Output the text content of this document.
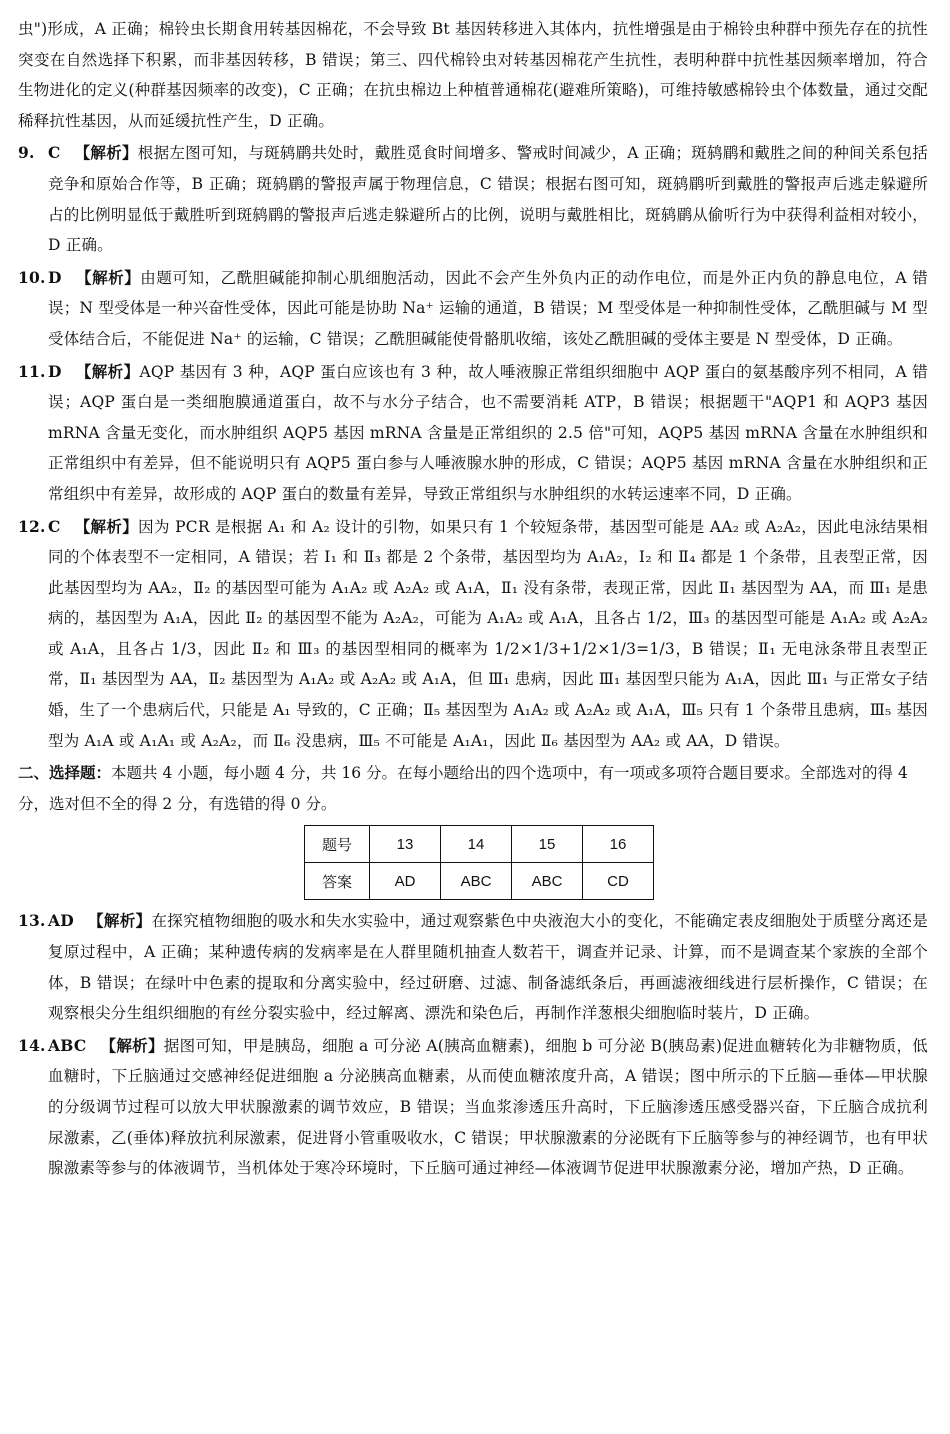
虫")形成，A 正确；棉铃虫长期食用转基因棉花，不会导致 Bt 基因转移进入其体内，抗性增强是由于棉铃虫种群中预先存在的抗性突变在自然选择下积累，而非基因转移，B 错误；第三、四代棉铃虫对转基因棉花产生抗性，表明种群中抗性基因频率增加，符合生物进化的定义(种群基因频率的改变)，C 正确；在抗虫棉边上种植普通棉花(避难所策略)，可维持敏感棉铃虫个体数量，通过交配稀释抗性基因，从而延缓抗性产生，D 正确。

9. C 【解析】根据左图可知，与斑鸫鹛共处时，戴胜觅食时间增多、警戒时间减少，A 正确；斑鸫鹛和戴胜之间的种间关系包括竞争和原始合作等，B 正确；斑鸫鹛的警报声属于物理信息，C 错误；根据右图可知，斑鸫鹛听到戴胜的警报声后逃走躲避所占的比例明显低于戴胜听到斑鸫鹛的警报声后逃走躲避所占的比例，说明与戴胜相比，斑鸫鹛从偷听行为中获得利益相对较小，D 正确。
10. D 【解析】由题可知，乙酰胆碱能抑制心肌细胞活动，因此不会产生外负内正的动作电位，而是外正内负的静息电位，A 错误；N 型受体是一种兴奋性受体，因此可能是协助 Na⁺ 运输的通道，B 错误；M 型受体是一种抑制性受体，乙酰胆碱与 M 型受体结合后，不能促进 Na⁺ 的运输，C 错误；乙酰胆碱能使骨骼肌收缩，该处乙酰胆碱的受体主要是 N 型受体，D 正确。
11. D 【解析】AQP 基因有 3 种，AQP 蛋白应该也有 3 种，故人唾液腺正常组织细胞中 AQP 蛋白的氨基酸序列不相同，A 错误；AQP 蛋白是一类细胞膜通道蛋白，故不与水分子结合，也不需要消耗 ATP，B 错误；根据题干"AQP1 和 AQP3 基因 mRNA 含量无变化，而水肿组织 AQP5 基因 mRNA 含量是正常组织的 2.5 倍"可知，AQP5 基因 mRNA 含量在水肿组织和正常组织中有差异，但不能说明只有 AQP5 蛋白参与人唾液腺水肿的形成，C 错误；AQP5 基因 mRNA 含量在水肿组织和正常组织中有差异，故形成的 AQP 蛋白的数量有差异，导致正常组织与水肿组织的水转运速率不同，D 正确。
12. C 【解析】因为 PCR 是根据 A₁ 和 A₂ 设计的引物，如果只有 1 个较短条带，基因型可能是 AA₂ 或 A₂A₂，因此电泳结果相同的个体表型不一定相同，A 错误；若 Ⅰ₁ 和 Ⅱ₃ 都是 2 个条带，基因型均为 A₁A₂，Ⅰ₂ 和 Ⅱ₄ 都是 1 个条带，且表型正常，因此基因型均为 AA₂，Ⅱ₂ 的基因型可能为 A₁A₂ 或 A₂A₂ 或 A₁A，Ⅱ₁ 没有条带，表现正常，因此 Ⅱ₁ 基因型为 AA，而 Ⅲ₁ 是患病的，基因型为 A₁A，因此 Ⅱ₂ 的基因型不能为 A₂A₂，可能为 A₁A₂ 或 A₁A，且各占 1/2，Ⅲ₃ 的基因型可能是 A₁A₂ 或 A₂A₂ 或 A₁A，且各占 1/3，因此 Ⅱ₂ 和 Ⅲ₃ 的基因型相同的概率为 1/2×1/3+1/2×1/3=1/3，B 错误；Ⅱ₁ 无电泳条带且表型正常，Ⅱ₁ 基因型为 AA，Ⅱ₂ 基因型为 A₁A₂ 或 A₂A₂ 或 A₁A，但 Ⅲ₁ 患病，因此 Ⅲ₁ 基因型只能为 A₁A，因此 Ⅲ₁ 与正常女子结婚，生了一个患病后代，只能是 A₁ 导致的，C 正确；Ⅱ₅ 基因型为 A₁A₂ 或 A₂A₂ 或 A₁A，Ⅲ₅ 只有 1 个条带且患病，Ⅲ₅ 基因型为 A₁A 或 A₁A₁ 或 A₂A₂，而 Ⅱ₆ 没患病，Ⅲ₅ 不可能是 A₁A₁，因此 Ⅱ₆ 基因型为 AA₂ 或 AA，D 错误。

二、选择题：本题共 4 小题，每小题 4 分，共 16 分。在每小题给出的四个选项中，有一项或多项符合题目要求。全部选对的得 4 分，选对但不全的得 2 分，有选错的得 0 分。

题号	13	14	15	16
答案	AD	ABC	ABC	CD
13. AD 【解析】在探究植物细胞的吸水和失水实验中，通过观察紫色中央液泡大小的变化，不能确定表皮细胞处于质壁分离还是复原过程中，A 正确；某种遗传病的发病率是在人群里随机抽查人数若干，调查并记录、计算，而不是调查某个家族的全部个体，B 错误；在绿叶中色素的提取和分离实验中，经过研磨、过滤、制备滤纸条后，再画滤液细线进行层析操作，C 错误；在观察根尖分生组织细胞的有丝分裂实验中，经过解离、漂洗和染色后，再制作洋葱根尖细胞临时装片，D 正确。
14. ABC 【解析】据图可知，甲是胰岛，细胞 a 可分泌 A(胰高血糖素)，细胞 b 可分泌 B(胰岛素)促进血糖转化为非糖物质，低血糖时，下丘脑通过交感神经促进细胞 a 分泌胰高血糖素，从而使血糖浓度升高，A 错误；图中所示的下丘脑—垂体—甲状腺的分级调节过程可以放大甲状腺激素的调节效应，B 错误；当血浆渗透压升高时，下丘脑渗透压感受器兴奋，下丘脑合成抗利尿激素，乙(垂体)释放抗利尿激素，促进肾小管重吸收水，C 错误；甲状腺激素的分泌既有下丘脑等参与的神经调节，也有甲状腺激素等参与的体液调节，当机体处于寒冷环境时，下丘脑可通过神经—体液调节促进甲状腺激素分泌，增加产热，D 正确。
